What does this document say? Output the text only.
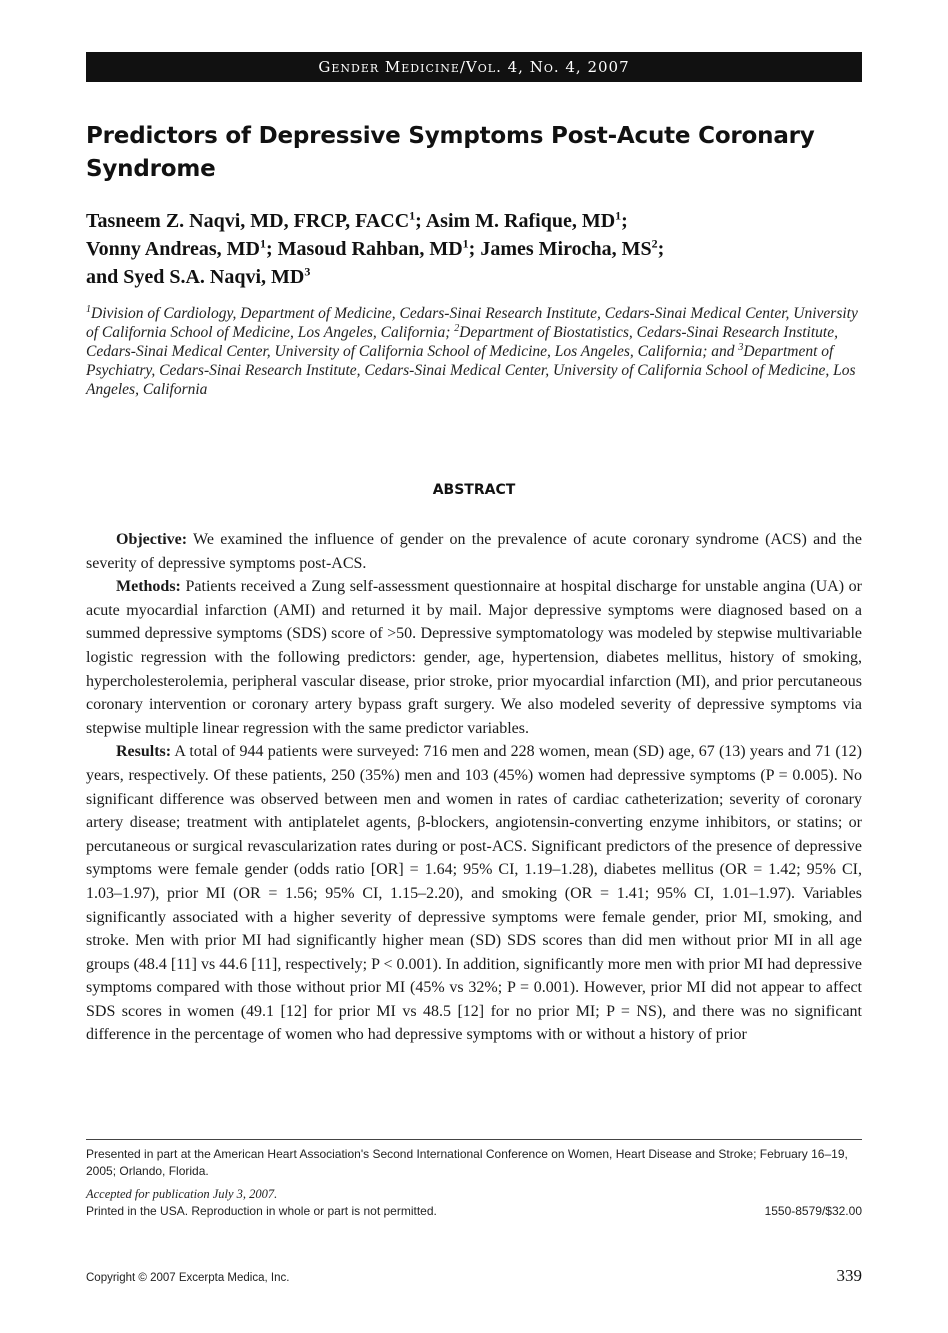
Gender Medicine/Vol. 4, No. 4, 2007
Predictors of Depressive Symptoms Post-Acute Coronary Syndrome

Tasneem Z. Naqvi, MD, FRCP, FACC$^1$; Asim M. Rafique, $MD^1$;
Vonny Andreas, $MD^1$; Masoud Rahban, $MD^1$; James Mirocha, $MS^2$;
and Syed S.A. Naqvi, $MD^3$

$^1$Division of Cardiology, Department of Medicine, Cedars-Sinai Research Institute, Cedars-Sinai Medical Center, University of California School of Medicine, Los Angeles, California; $^2$Department of Biostatistics, Cedars-Sinai Research Institute, Cedars-Sinai Medical Center, University of California School of Medicine, Los Angeles, California; and $^3$Department of Psychiatry, Cedars-Sinai Research Institute, Cedars-Sinai Medical Center, University of California School of Medicine, Los Angeles, California

ABSTRACT

Objective: We examined the influence of gender on the prevalence of acute coronary syndrome (ACS) and the severity of depressive symptoms post-ACS.

Methods: Patients received a Zung self-assessment questionnaire at hospital discharge for unstable angina (UA) or acute myocardial infarction (AMI) and returned it by mail. Major depressive symptoms were diagnosed based on a summed depressive symptoms (SDS) score of >50. Depressive symptomatology was modeled by stepwise multivariable logistic regression with the following predictors: gender, age, hypertension, diabetes mellitus, history of smoking, hypercholesterolemia, peripheral vascular disease, prior stroke, prior myocardial infarction (MI), and prior percutaneous coronary intervention or coronary artery bypass graft surgery. We also modeled severity of depressive symptoms via stepwise multiple linear regression with the same predictor variables.

Results: A total of 944 patients were surveyed: 716 men and 228 women, mean (SD) age, 67 (13) years and 71 (12) years, respectively. Of these patients, 250 (35%) men and 103 (45%) women had depressive symptoms (P = 0.005). No significant difference was observed between men and women in rates of cardiac catheterization; severity of coronary artery disease; treatment with antiplatelet agents, β-blockers, angiotensin-converting enzyme inhibitors, or statins; or percutaneous or surgical revascularization rates during or post-ACS. Significant predictors of the presence of depressive symptoms were female gender (odds ratio [OR] = 1.64; 95% CI, 1.19–1.28), diabetes mellitus (OR = 1.42; 95% CI, 1.03–1.97), prior MI (OR = 1.56; 95% CI, 1.15–2.20), and smoking (OR = 1.41; 95% CI, 1.01–1.97). Variables significantly associated with a higher severity of depressive symptoms were female gender, prior MI, smoking, and stroke. Men with prior MI had significantly higher mean (SD) SDS scores than did men without prior MI in all age groups (48.4 [11] vs 44.6 [11], respectively; P < 0.001). In addition, significantly more men with prior MI had depressive symptoms compared with those without prior MI (45% vs 32%; P = 0.001). However, prior MI did not appear to affect SDS scores in women (49.1 [12] for prior MI vs 48.5 [12] for no prior MI; P = NS), and there was no significant difference in the percentage of women who had depressive symptoms with or without a history of prior

Presented in part at the American Heart Association's Second International Conference on Women, Heart Disease and Stroke; February 16–19, 2005; Orlando, Florida.

Accepted for publication July 3, 2007.

Printed in the USA. Reproduction in whole or part is not permitted.	1550-8579/$32.00

Copyright © 2007 Excerpta Medica, Inc.	339
